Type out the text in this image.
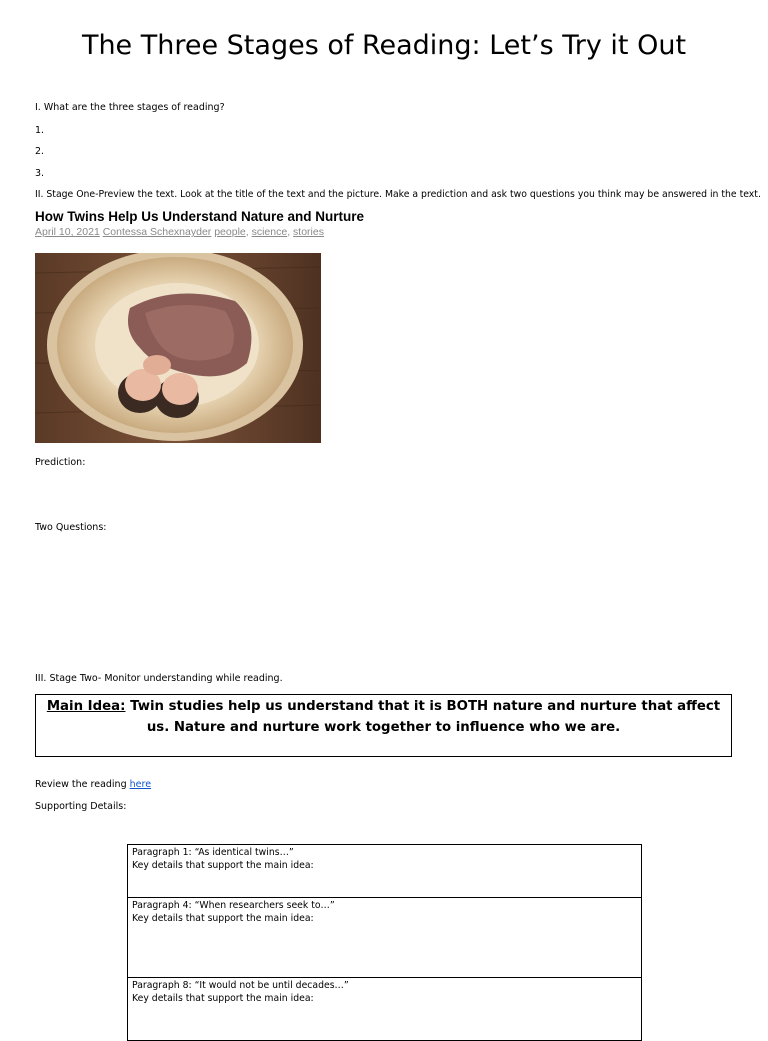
The Three Stages of Reading: Let’s Try it Out
I. What are the three stages of reading?
1.
2.
3.
II. Stage One-Preview the text. Look at the title of the text and the picture. Make a prediction and ask two questions you think may be answered in the text.
How Twins Help Us Understand Nature and Nurture
April 10, 2021 Contessa Schexnayder people, science, stories
Prediction:
Two Questions:
III. Stage Two- Monitor understanding while reading.
Main Idea: Twin studies help us understand that it is BOTH nature and nurture that affect us. Nature and nurture work together to influence who we are.
Review the reading here
Supporting Details:
Paragraph 1: “As identical twins…”
Key details that support the main idea:

Paragraph 4: “When researchers seek to…”
Key details that support the main idea:

Paragraph 8: “It would not be until decades…”
Key details that support the main idea:
